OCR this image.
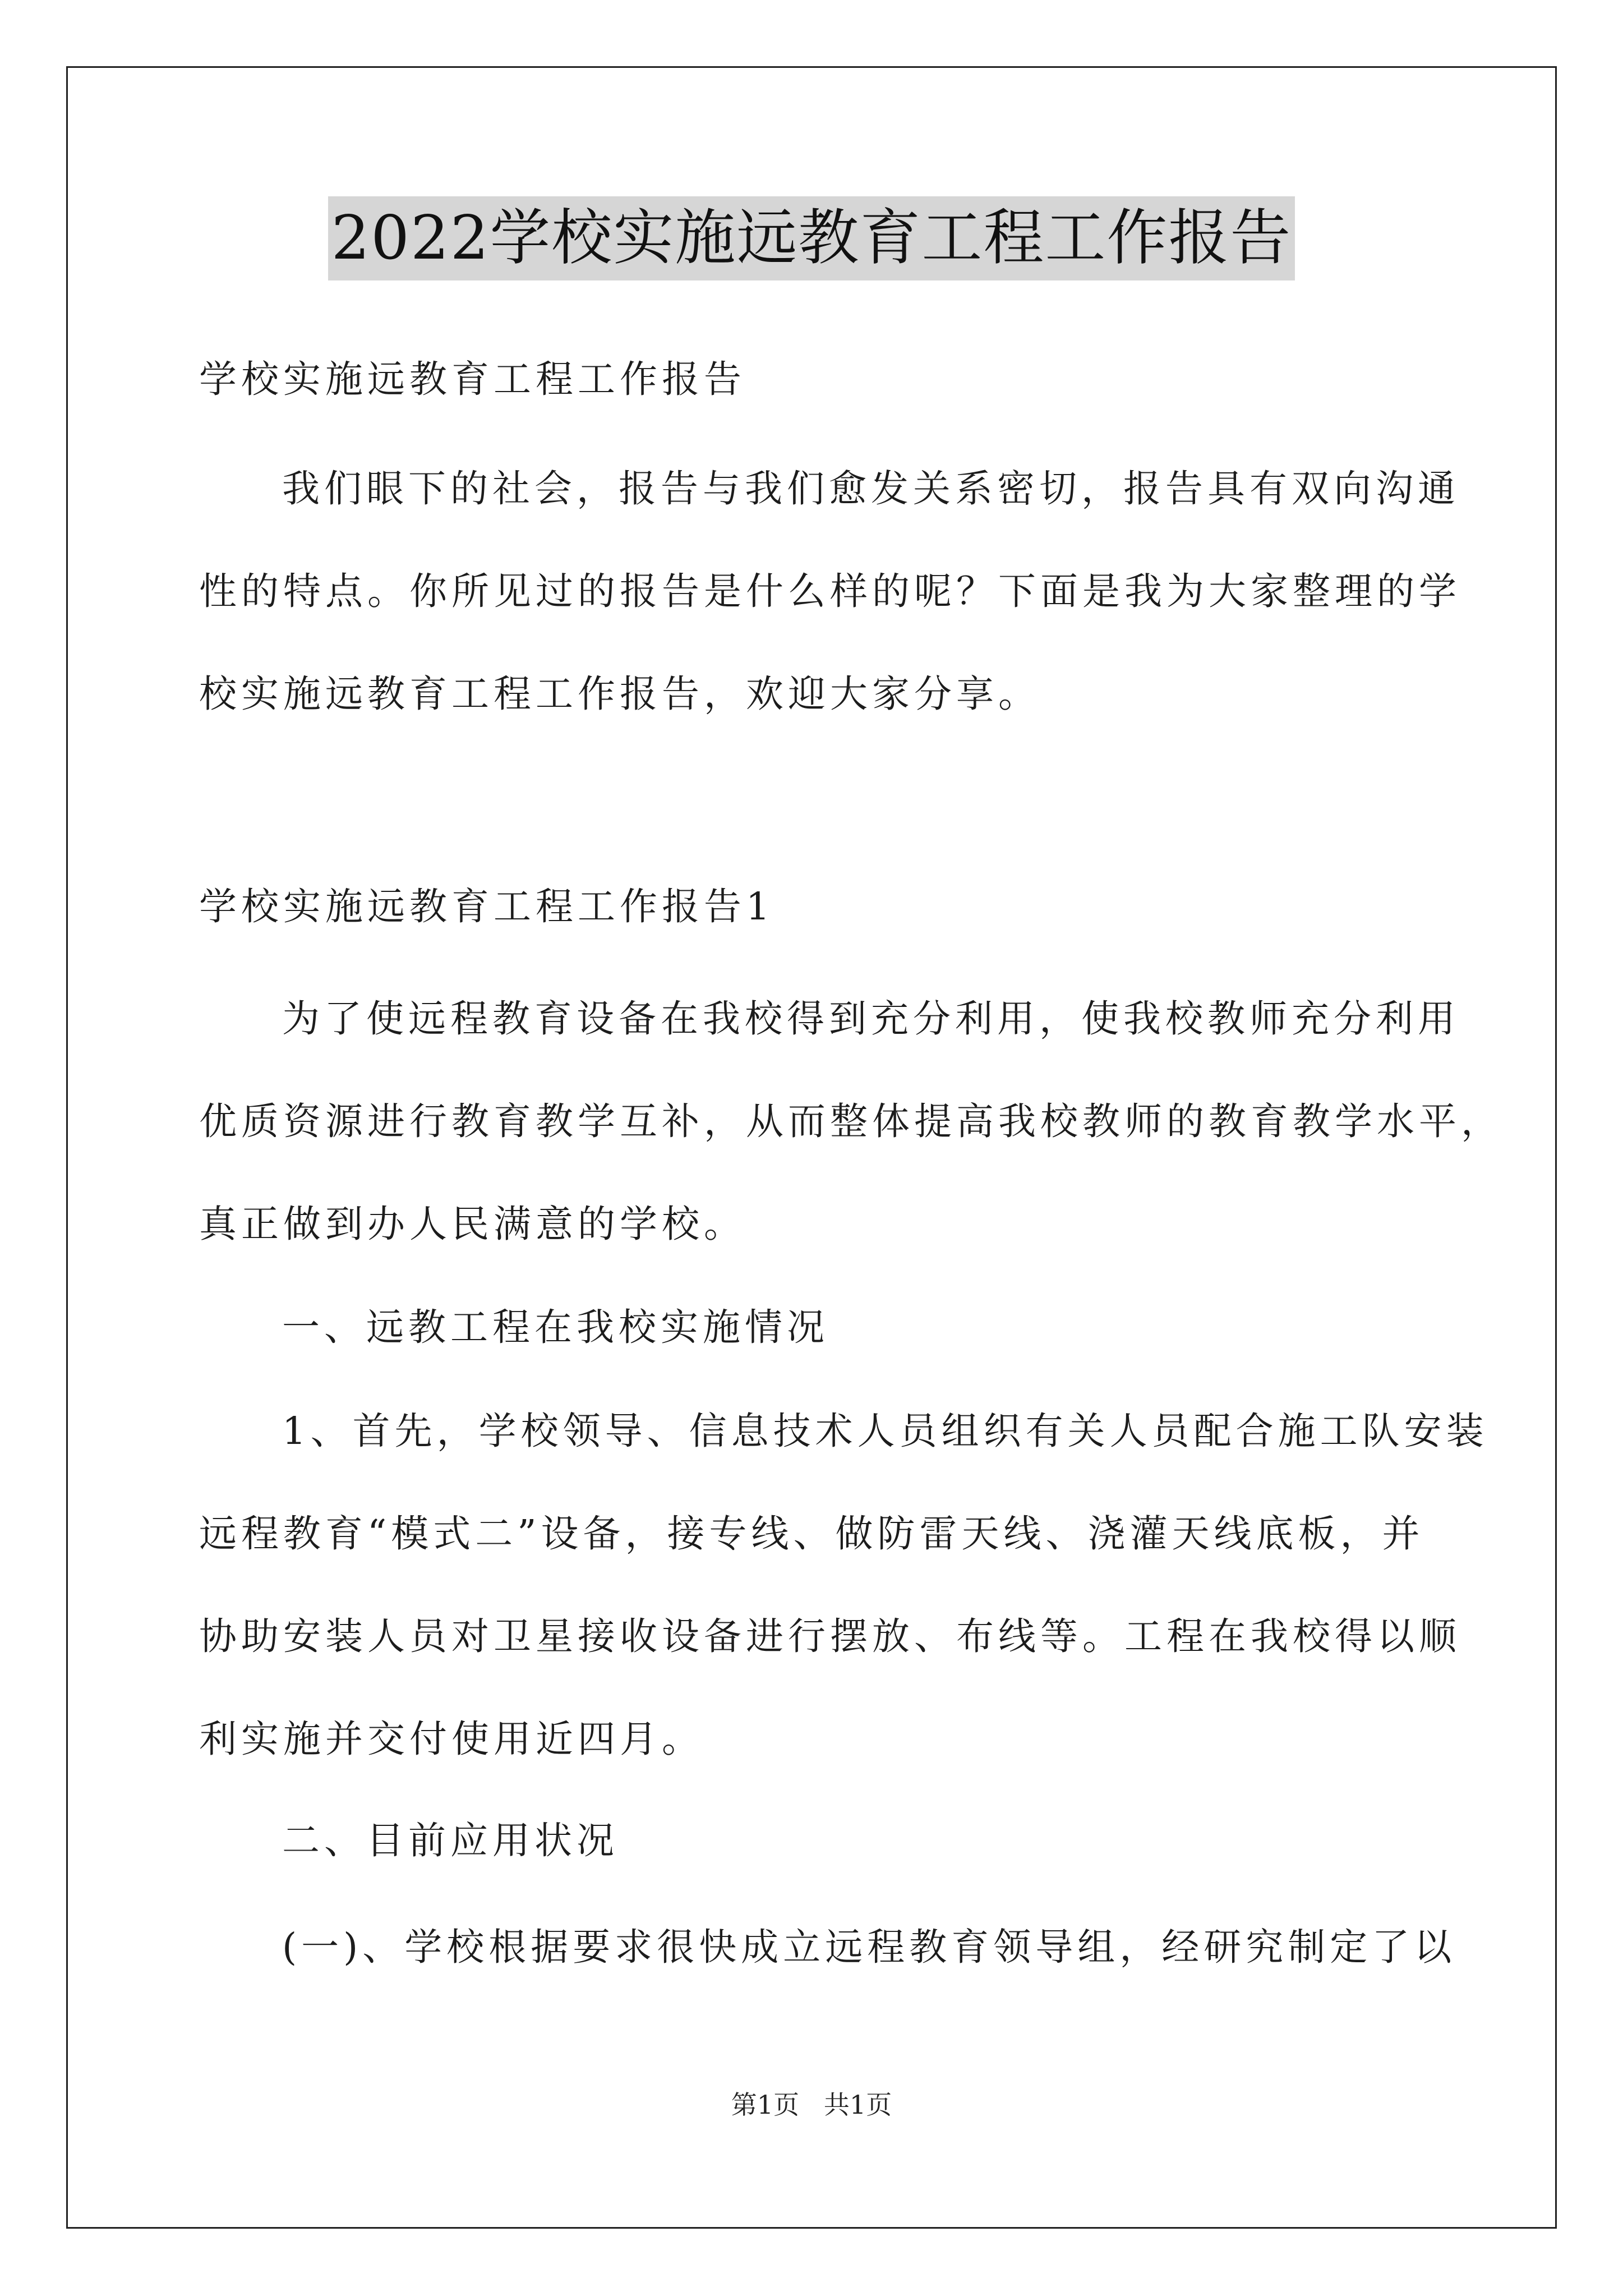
2022学校实施远教育工程工作报告

学校实施远教育工程工作报告

我们眼下的社会，报告与我们愈发关系密切，报告具有双向沟通
性的特点。你所见过的报告是什么样的呢？下面是我为大家整理的学
校实施远教育工程工作报告，欢迎大家分享。

学校实施远教育工程工作报告1

为了使远程教育设备在我校得到充分利用，使我校教师充分利用
优质资源进行教育教学互补，从而整体提高我校教师的教育教学水平，
真正做到办人民满意的学校。

一、远教工程在我校实施情况

1、首先，学校领导、信息技术人员组织有关人员配合施工队安装
远程教育“模式二”设备，接专线、做防雷天线、浇灌天线底板，并
协助安装人员对卫星接收设备进行摆放、布线等。工程在我校得以顺
利实施并交付使用近四月。

二、目前应用状况

(一)、学校根据要求很快成立远程教育领导组，经研究制定了以

第1页   共1页
